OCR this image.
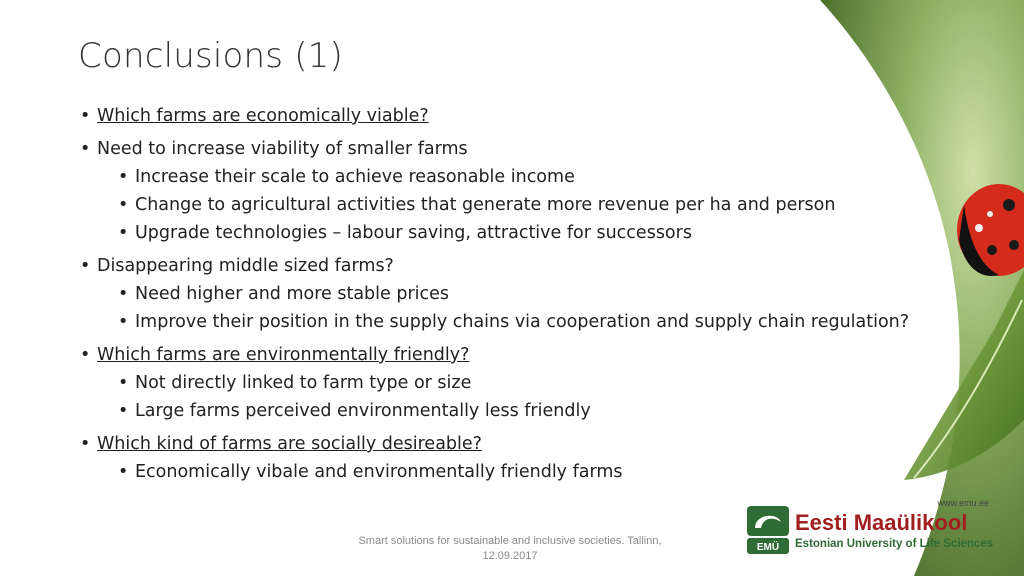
Conclusions (1)
• Which farms are economically viable?
• Need to increase viability of smaller farms
• Increase their scale to achieve reasonable income
• Change to agricultural activities that generate more revenue per ha and person
• Upgrade technologies – labour saving, attractive for successors
• Disappearing middle sized farms?
• Need higher and more stable prices
• Improve their position in the supply chains via cooperation and supply chain regulation?
• Which farms are environmentally friendly?
• Not directly linked to farm type or size
• Large farms perceived environmentally less friendly
• Which kind of farms are socially desireable?
• Economically vibale and environmentally friendly farms
Smart solutions for sustainable and inclusive societies. Tallinn, 12.09.2017
www.emu.ee
EMÜ
Eesti Maaülikool
Estonian University of Life Sciences
